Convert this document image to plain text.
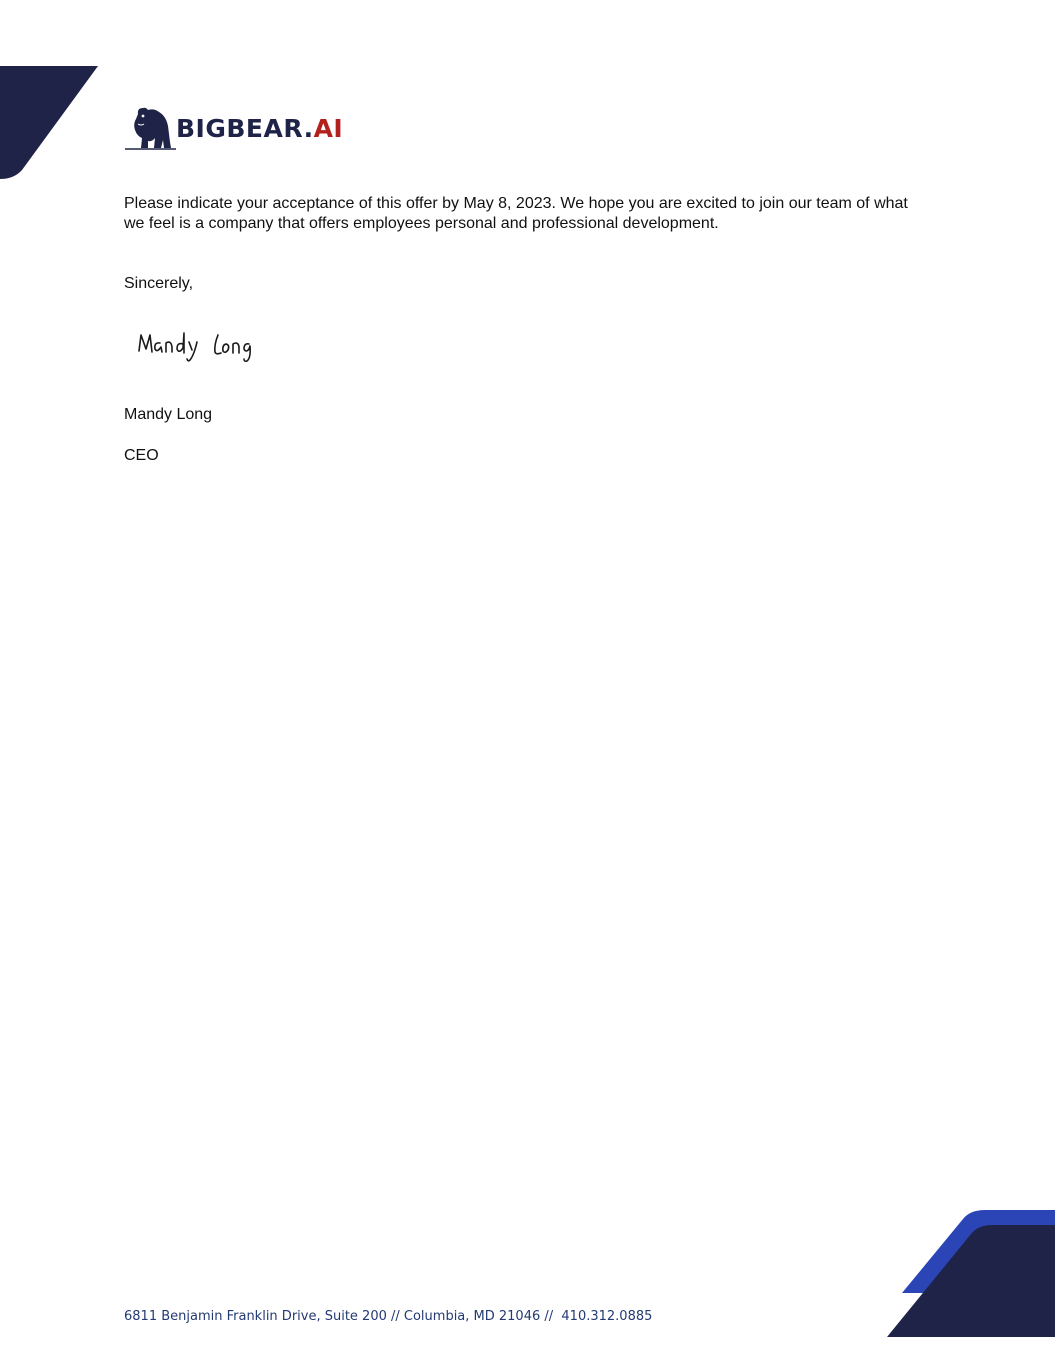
BIGBEAR.AI

Please indicate your acceptance of this offer by May 8, 2023. We hope you are excited to join our team of what we feel is a company that offers employees personal and professional development.

Sincerely,

Mandy Long

CEO

6811 Benjamin Franklin Drive, Suite 200 // Columbia, MD 21046 //  410.312.0885
